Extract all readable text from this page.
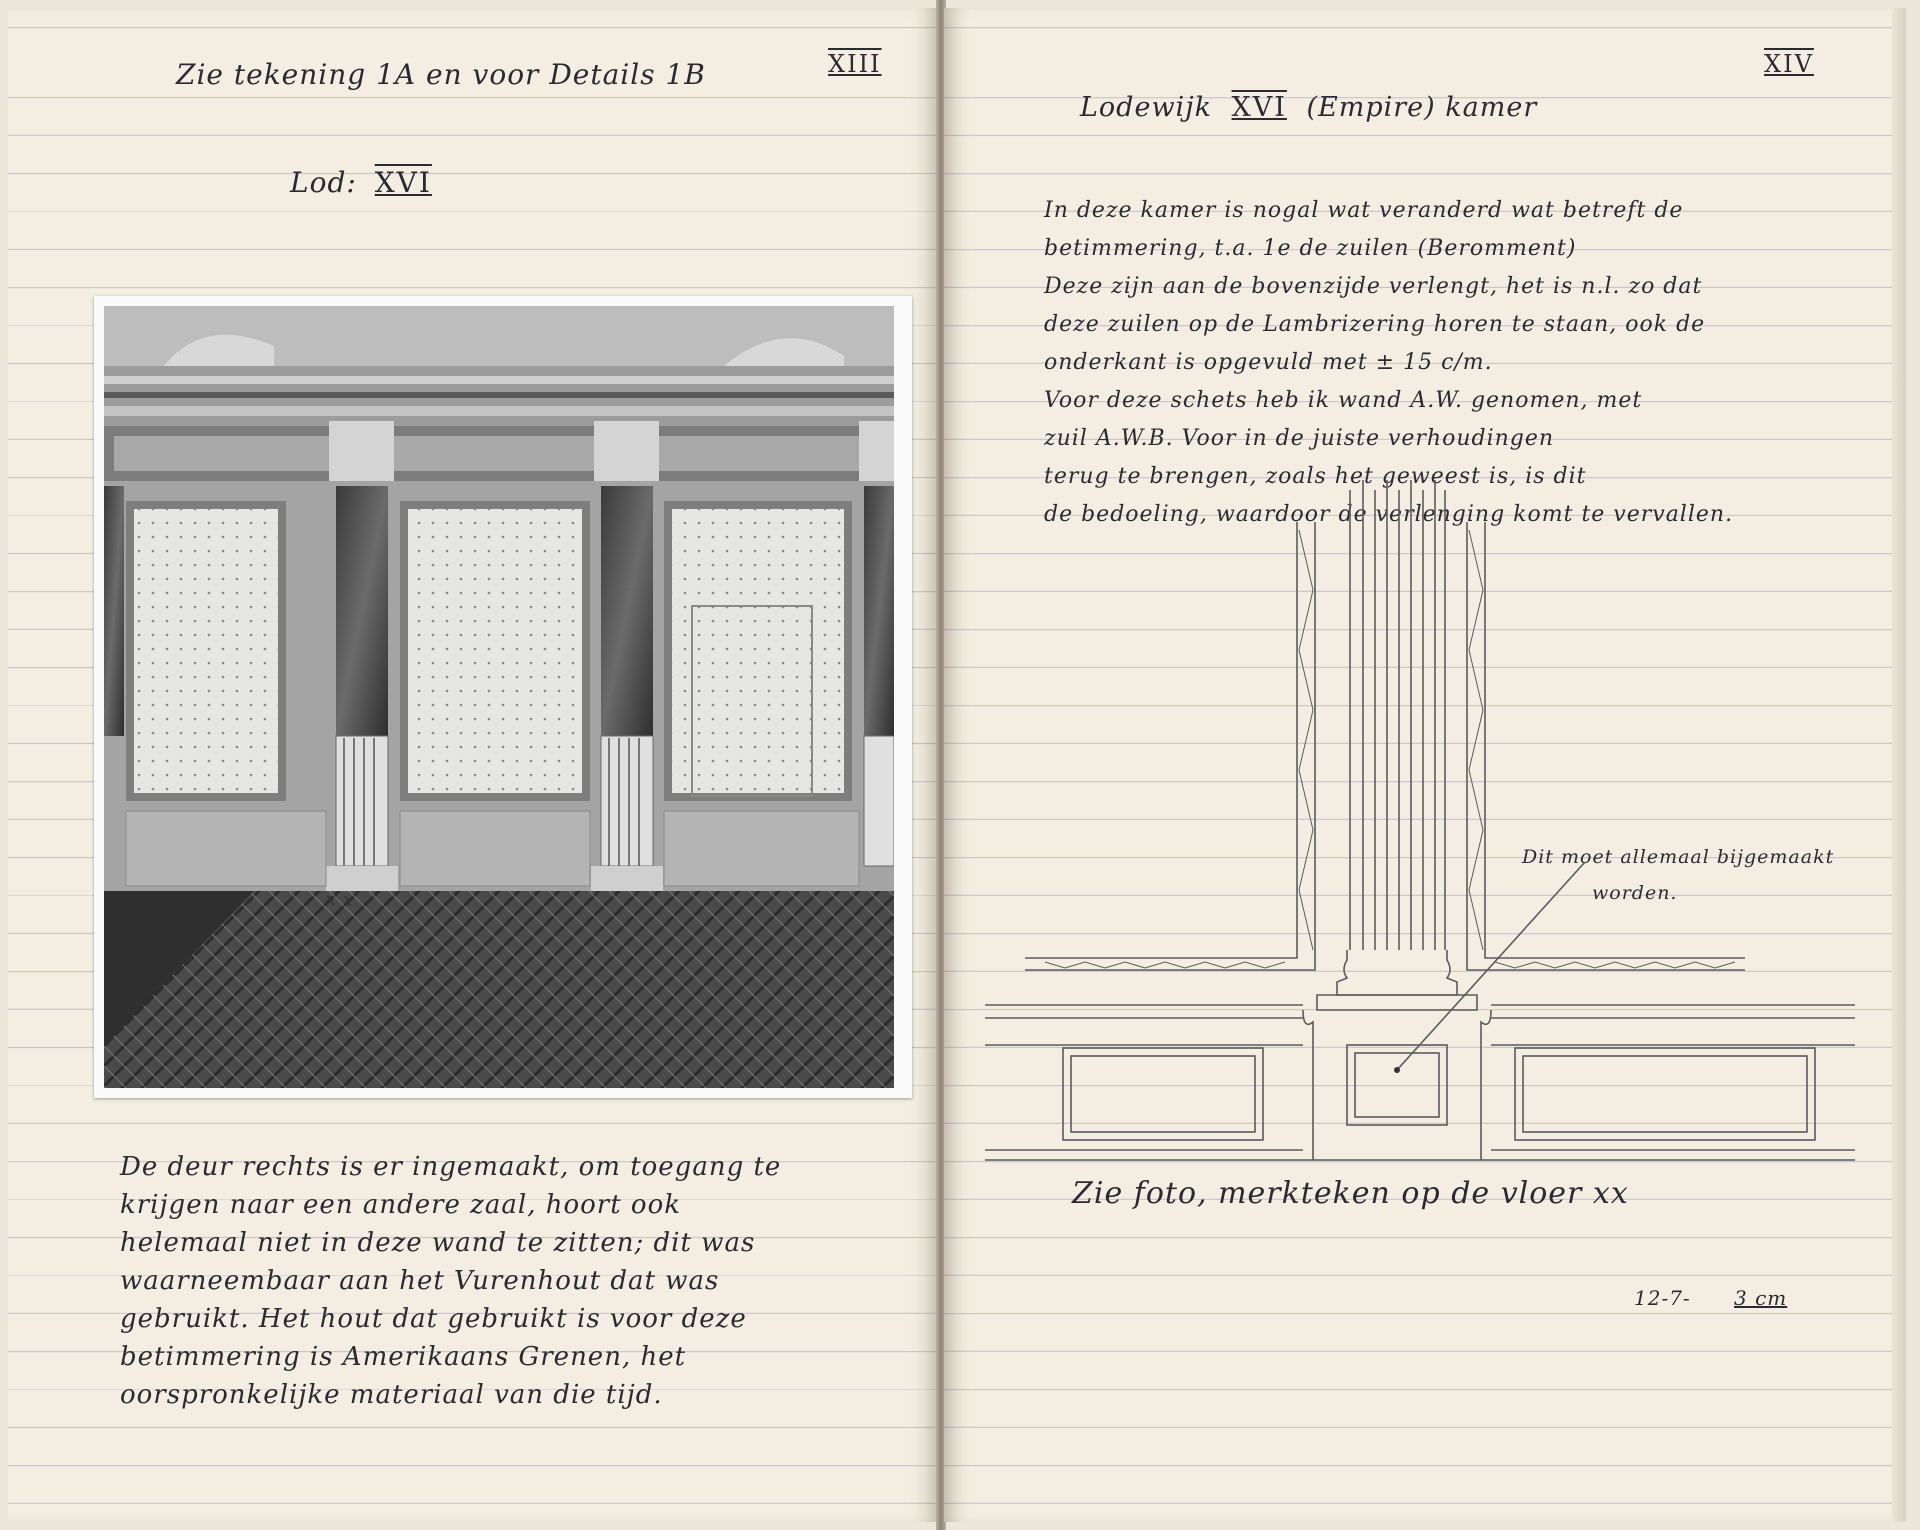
Zie tekening 1A en voor Details 1B	XIII
Lod: XVI
x x
De deur rechts is er ingemaakt, om toegang te
krijgen naar een andere zaal, hoort ook
helemaal niet in deze wand te zitten; dit was
waarneembaar aan het Vurenhout dat was
gebruikt. Het hout dat gebruikt is voor deze
betimmering is Amerikaans Grenen, het
oorspronkelijke materiaal van die tijd.
XIV
Lodewijk XVI (Empire) kamer
In deze kamer is nogal wat veranderd wat betreft de
betimmering, t.a. 1e de zuilen (Beromment)
Deze zijn aan de bovenzijde verlengt, het is n.l. zo dat
deze zuilen op de Lambrizering horen te staan, ook de
onderkant is opgevuld met ± 15 c/m.
Voor deze schets heb ik wand A.W. genomen, met
zuil A.W.B. Voor in de juiste verhoudingen
terug te brengen, zoals het geweest is, is dit
de bedoeling, waardoor de verlenging komt te vervallen.
Dit moet allemaal bijgemaakt
worden.
Zie foto, merkteken op de vloer xx
12-7- 3 cm
